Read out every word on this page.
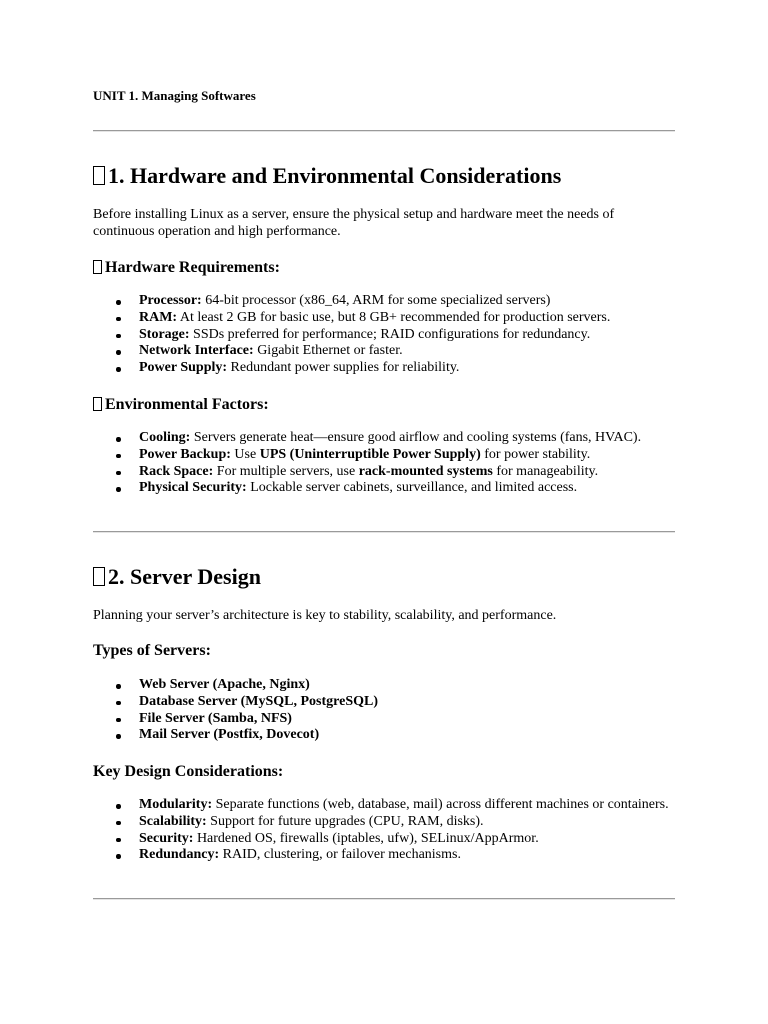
UNIT 1. Managing Softwares
1. Hardware and Environmental Considerations
Before installing Linux as a server, ensure the physical setup and hardware meet the needs of continuous operation and high performance.
Hardware Requirements:
Processor: 64-bit processor (x86_64, ARM for some specialized servers)
RAM: At least 2 GB for basic use, but 8 GB+ recommended for production servers.
Storage: SSDs preferred for performance; RAID configurations for redundancy.
Network Interface: Gigabit Ethernet or faster.
Power Supply: Redundant power supplies for reliability.
Environmental Factors:
Cooling: Servers generate heat—ensure good airflow and cooling systems (fans, HVAC).
Power Backup: Use UPS (Uninterruptible Power Supply) for power stability.
Rack Space: For multiple servers, use rack-mounted systems for manageability.
Physical Security: Lockable server cabinets, surveillance, and limited access.
2. Server Design
Planning your server’s architecture is key to stability, scalability, and performance.
Types of Servers:
Web Server (Apache, Nginx)
Database Server (MySQL, PostgreSQL)
File Server (Samba, NFS)
Mail Server (Postfix, Dovecot)
Key Design Considerations:
Modularity: Separate functions (web, database, mail) across different machines or containers.
Scalability: Support for future upgrades (CPU, RAM, disks).
Security: Hardened OS, firewalls (iptables, ufw), SELinux/AppArmor.
Redundancy: RAID, clustering, or failover mechanisms.
